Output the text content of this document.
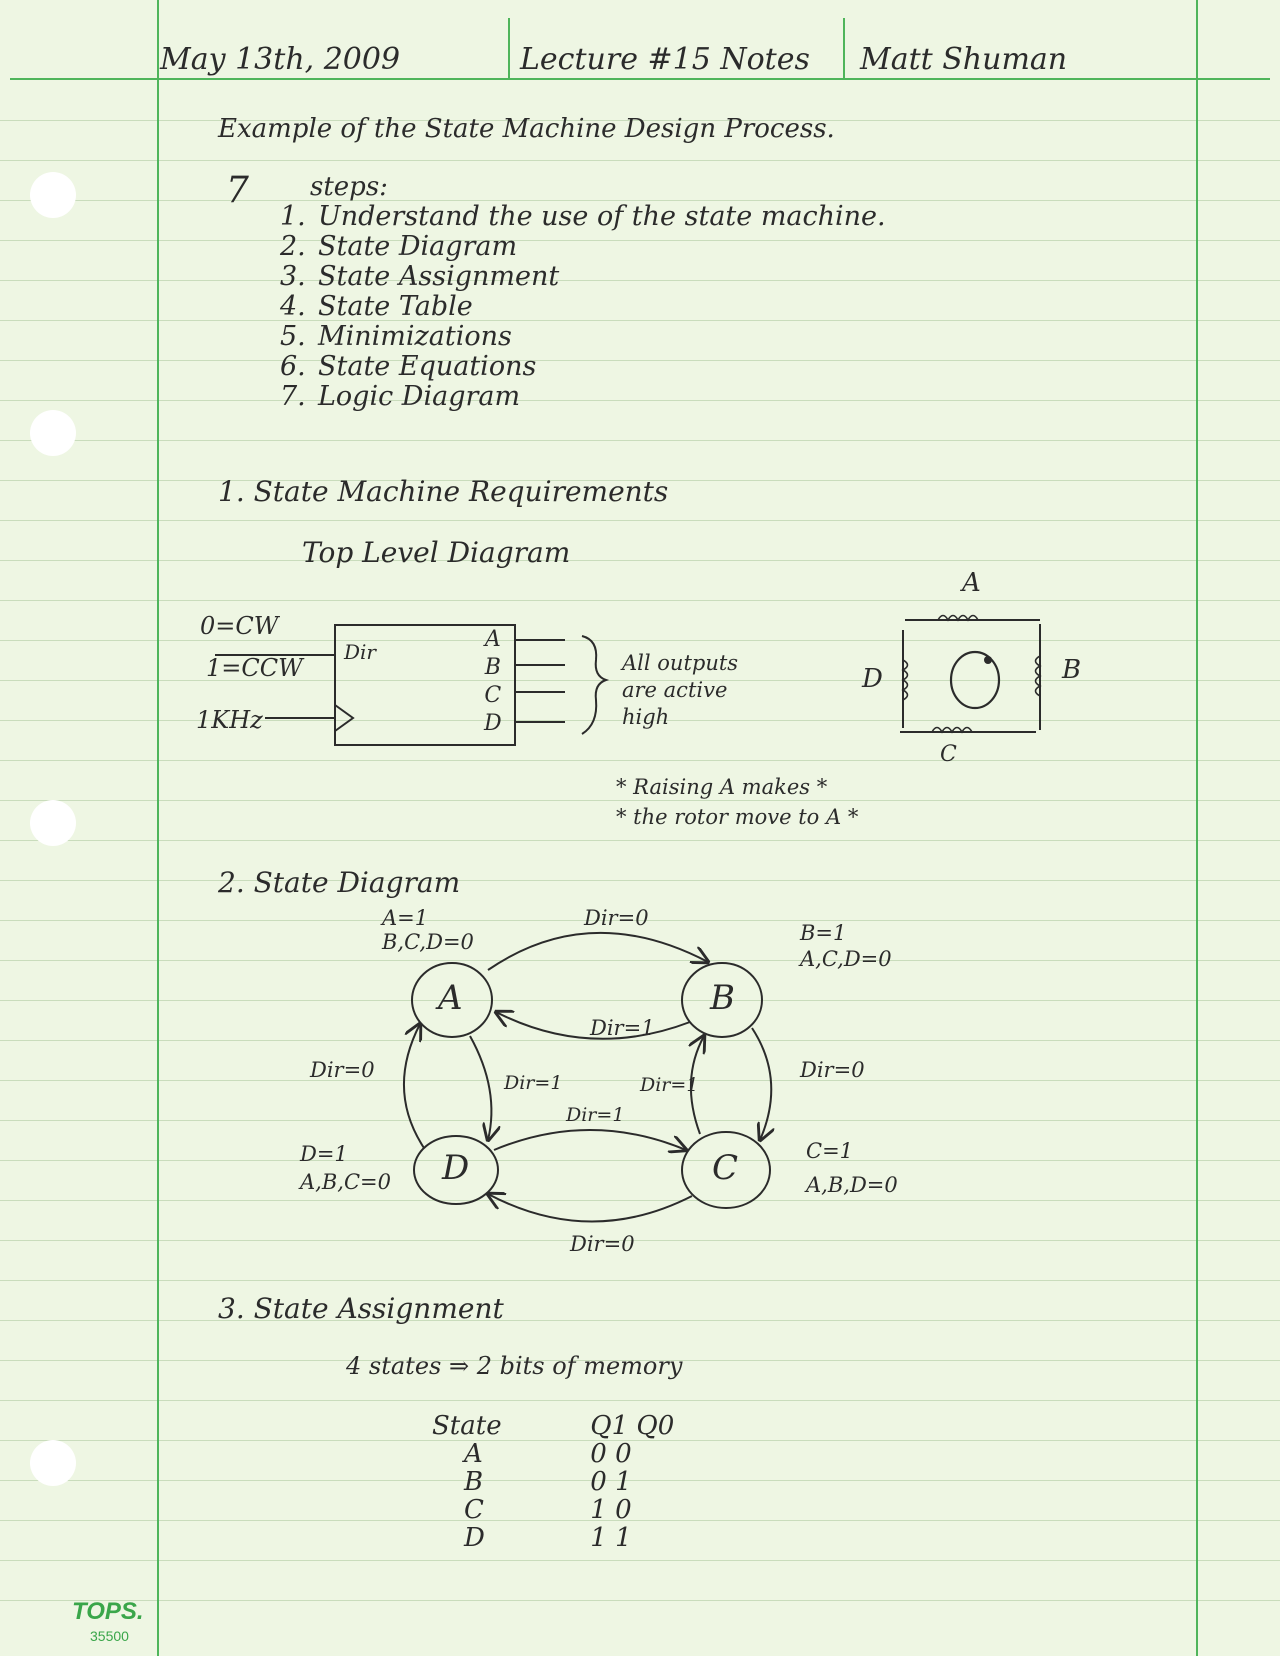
May 13th, 2009	Lecture #15 Notes Matt Shuman
Example of the State Machine Design Process.
7 steps:
1. Understand the use of the state machine.
2. State Diagram
3. State Assignment
4. State Table
5. Minimizations
6. State Equations
7. Logic Diagram
1. State Machine Requirements
Top Level Diagram
0=CW
1=CCW
1KHz
Dir	A
B
C
D
All outputs
are active
high
A
B
C
D
* Raising A makes *
* the rotor move to A *
2. State Diagram
A	B
C
D
A=1
B,C,D=0	B=1
A,C,D=0
C=1
A,B,D=0
D=1
A,B,C=0
Dir=0
Dir=1
Dir=0
Dir=1	Dir=1
Dir=0
Dir=1
Dir=0
3. State Assignment
4 states ⇒ 2 bits of memory
State	Q1 Q0
A	0 0
B	0 1
C	1 0
D	1 1
TOPS.
35500
